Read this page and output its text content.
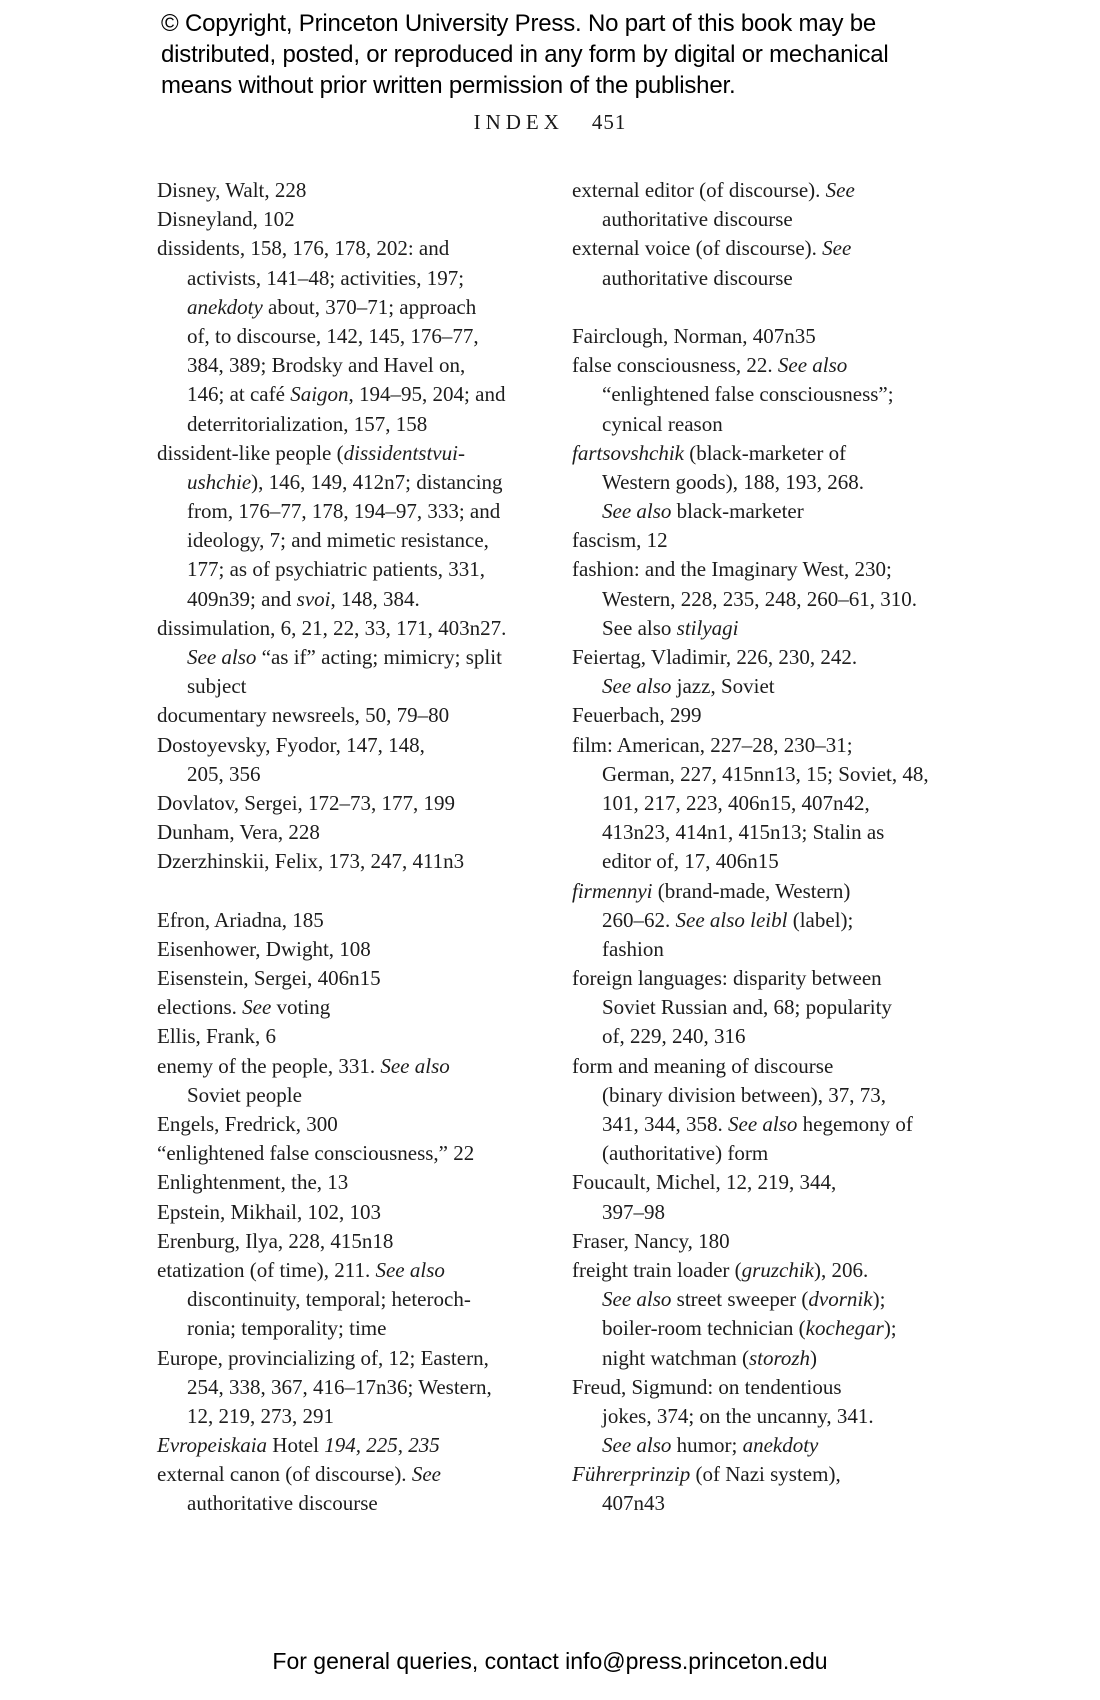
© Copyright, Princeton University Press. No part of this book may be
distributed, posted, or reproduced in any form by digital or mechanical
means without prior written permission of the publisher.
INDEX 451
Disney, Walt, 228
Disneyland, 102
dissidents, 158, 176, 178, 202: and
activists, 141–48; activities, 197;
anekdoty about, 370–71; approach
of, to discourse, 142, 145, 176–77,
384, 389; Brodsky and Havel on,
146; at café Saigon, 194–95, 204; and
deterritorialization, 157, 158
dissident-like people (dissidentstvui-
ushchie), 146, 149, 412n7; distancing
from, 176–77, 178, 194–97, 333; and
ideology, 7; and mimetic resistance,
177; as of psychiatric patients, 331,
409n39; and svoi, 148, 384.
dissimulation, 6, 21, 22, 33, 171, 403n27.
See also “as if” acting; mimicry; split
subject
documentary newsreels, 50, 79–80
Dostoyevsky, Fyodor, 147, 148,
205, 356
Dovlatov, Sergei, 172–73, 177, 199
Dunham, Vera, 228
Dzerzhinskii, Felix, 173, 247, 411n3
Efron, Ariadna, 185
Eisenhower, Dwight, 108
Eisenstein, Sergei, 406n15
elections. See voting
Ellis, Frank, 6
enemy of the people, 331. See also
Soviet people
Engels, Fredrick, 300
“enlightened false consciousness,” 22
Enlightenment, the, 13
Epstein, Mikhail, 102, 103
Erenburg, Ilya, 228, 415n18
etatization (of time), 211. See also
discontinuity, temporal; heteroch-
ronia; temporality; time
Europe, provincializing of, 12; Eastern,
254, 338, 367, 416–17n36; Western,
12, 219, 273, 291
Evropeiskaia Hotel 194, 225, 235
external canon (of discourse). See
authoritative discourse
external editor (of discourse). See
authoritative discourse
external voice (of discourse). See
authoritative discourse
Fairclough, Norman, 407n35
false consciousness, 22. See also
“enlightened false consciousness”;
cynical reason
fartsovshchik (black-marketer of
Western goods), 188, 193, 268.
See also black-marketer
fascism, 12
fashion: and the Imaginary West, 230;
Western, 228, 235, 248, 260–61, 310.
See also stilyagi
Feiertag, Vladimir, 226, 230, 242.
See also jazz, Soviet
Feuerbach, 299
film: American, 227–28, 230–31;
German, 227, 415nn13, 15; Soviet, 48,
101, 217, 223, 406n15, 407n42,
413n23, 414n1, 415n13; Stalin as
editor of, 17, 406n15
firmennyi (brand-made, Western)
260–62. See also leibl (label);
fashion
foreign languages: disparity between
Soviet Russian and, 68; popularity
of, 229, 240, 316
form and meaning of discourse
(binary division between), 37, 73,
341, 344, 358. See also hegemony of
(authoritative) form
Foucault, Michel, 12, 219, 344,
397–98
Fraser, Nancy, 180
freight train loader (gruzchik), 206.
See also street sweeper (dvornik);
boiler-room technician (kochegar);
night watchman (storozh)
Freud, Sigmund: on tendentious
jokes, 374; on the uncanny, 341.
See also humor; anekdoty
Führerprinzip (of Nazi system),
407n43
For general queries, contact info@press.princeton.edu
